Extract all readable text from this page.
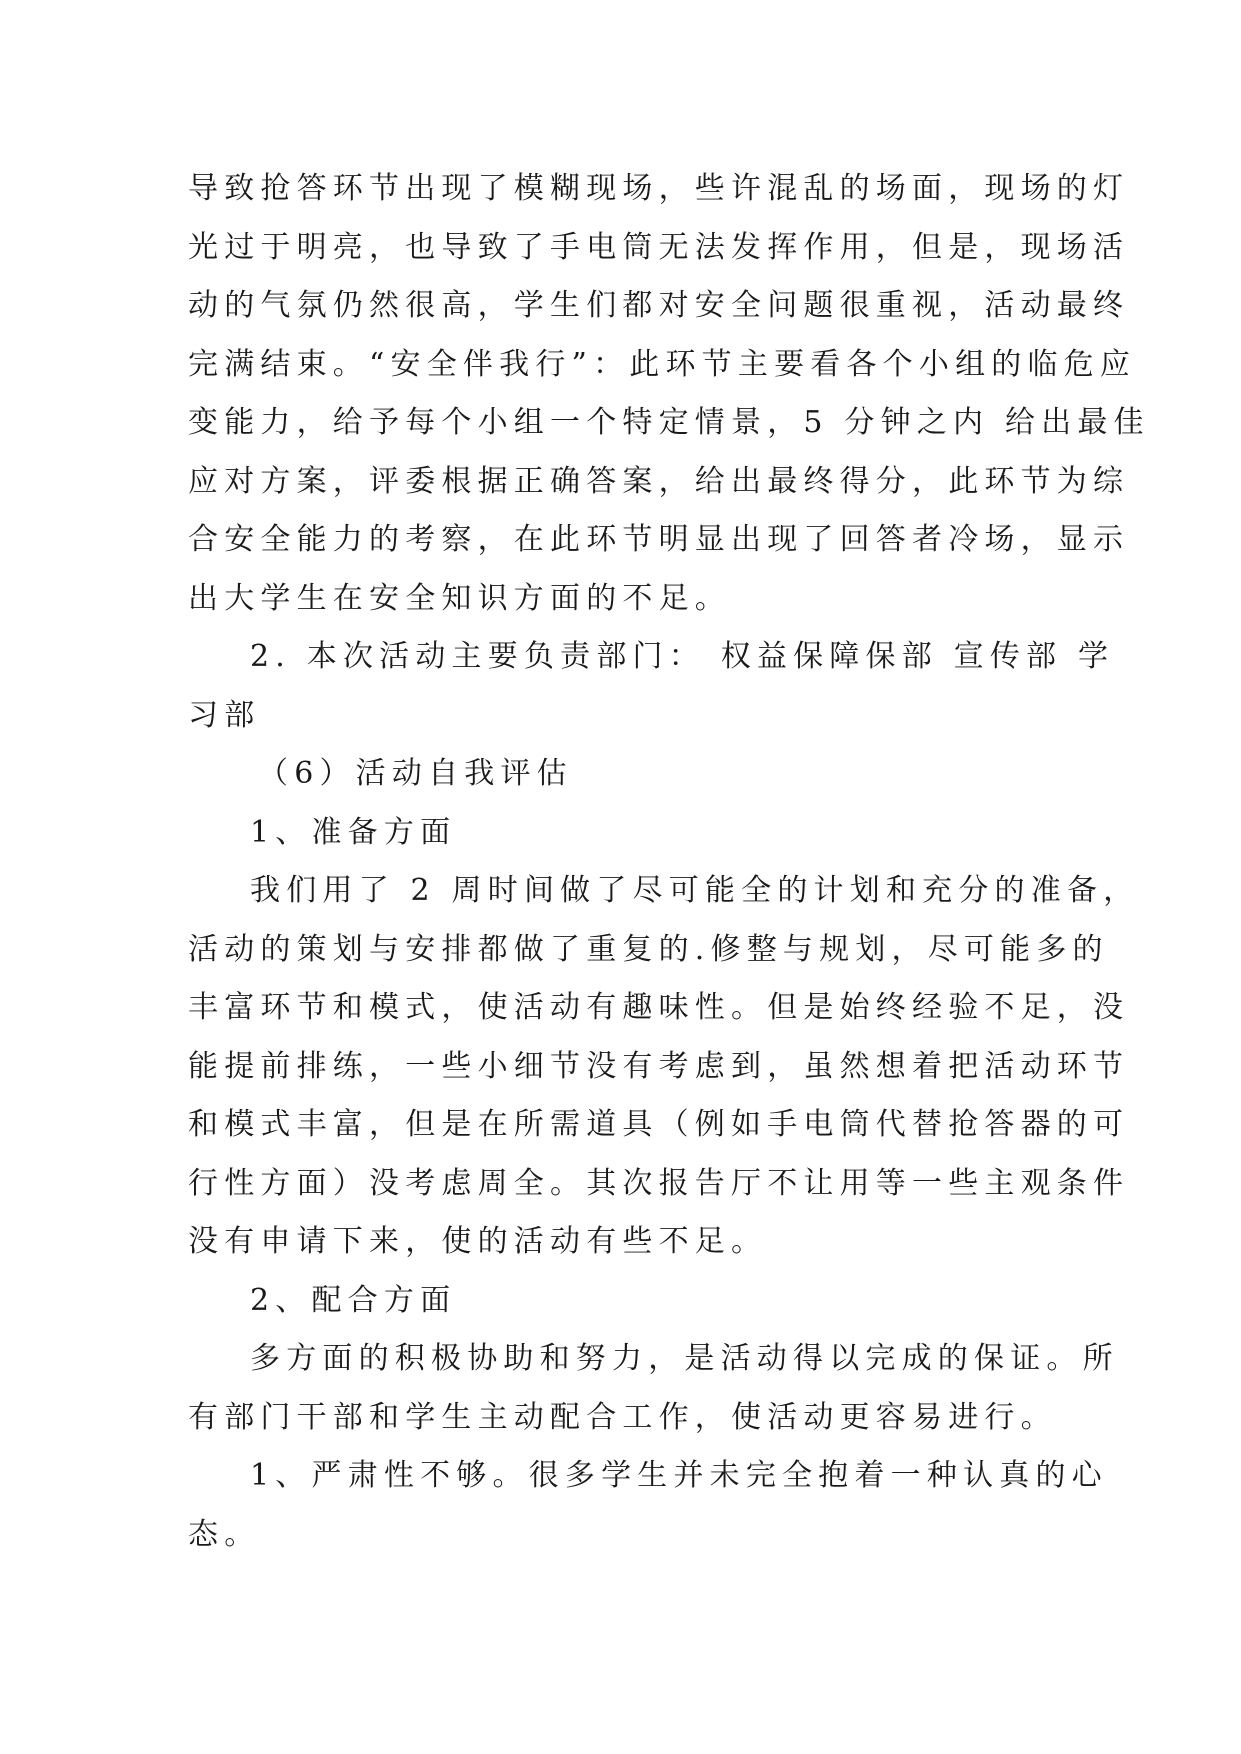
导致抢答环节出现了模糊现场，些许混乱的场面，现场的灯
光过于明亮，也导致了手电筒无法发挥作用，但是，现场活
动的气氛仍然很高，学生们都对安全问题很重视，活动最终
完满结束。“安全伴我行”：此环节主要看各个小组的临危应
变能力，给予每个小组一个特定情景，5 分钟之内 给出最佳
应对方案，评委根据正确答案，给出最终得分，此环节为综
合安全能力的考察，在此环节明显出现了回答者冷场，显示
出大学生在安全知识方面的不足。
2. 本次活动主要负责部门： 权益保障保部 宣传部 学
习部
（6）活动自我评估
1、准备方面
我们用了 2 周时间做了尽可能全的计划和充分的准备，
活动的策划与安排都做了重复的.修整与规划，尽可能多的
丰富环节和模式，使活动有趣味性。但是始终经验不足，没
能提前排练，一些小细节没有考虑到，虽然想着把活动环节
和模式丰富，但是在所需道具（例如手电筒代替抢答器的可
行性方面）没考虑周全。其次报告厅不让用等一些主观条件
没有申请下来，使的活动有些不足。
2、配合方面
多方面的积极协助和努力，是活动得以完成的保证。所
有部门干部和学生主动配合工作，使活动更容易进行。
1、严肃性不够。很多学生并未完全抱着一种认真的心
态。
